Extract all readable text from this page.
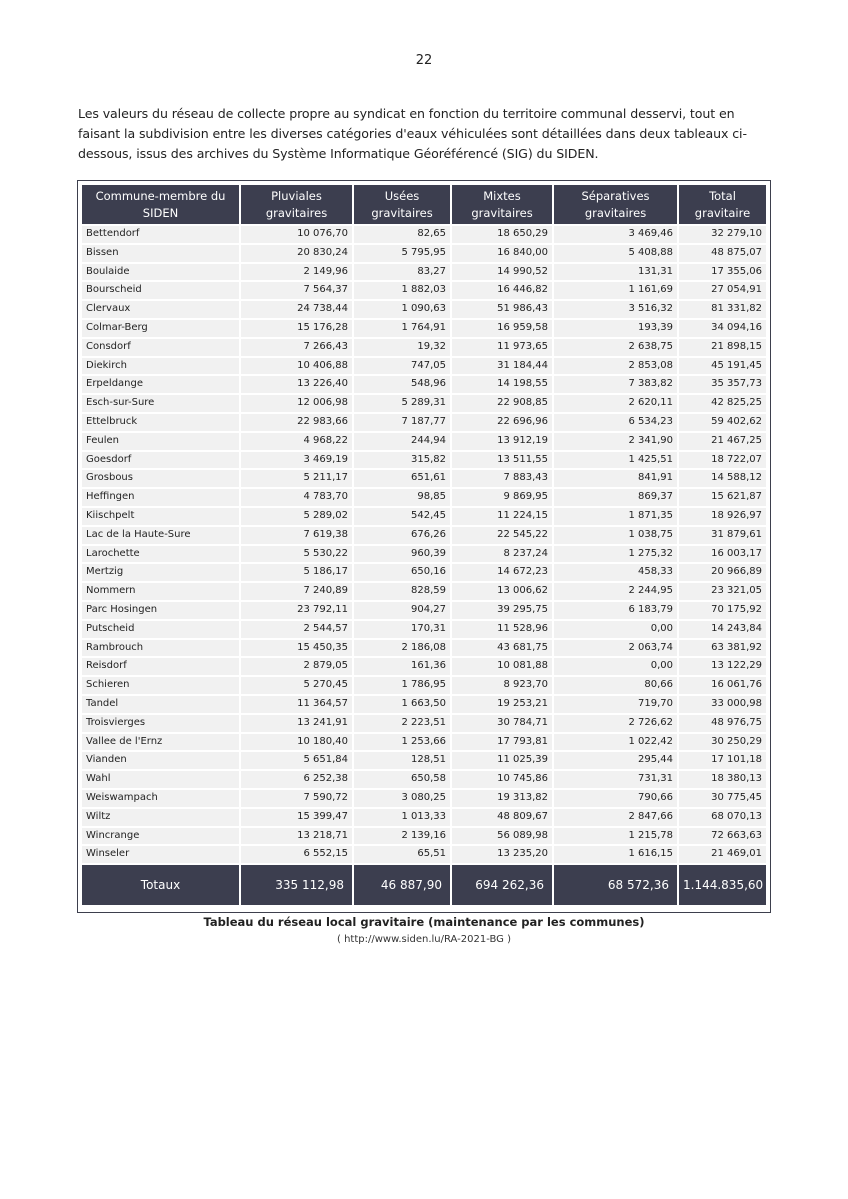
22

Les valeurs du réseau de collecte propre au syndicat en fonction du territoire communal desservi, tout en faisant la subdivision entre les diverses catégories d'eaux véhiculées sont détaillées dans deux tableaux ci-dessous, issus des archives du Système Informatique Géoréférencé (SIG) du SIDEN.

Commune-membre du SIDEN	Pluviales gravitaires	Usées gravitaires	Mixtes gravitaires	Séparatives gravitaires	Total gravitaire
Bettendorf	10 076,70	82,65	18 650,29	3 469,46	32 279,10
Bissen	20 830,24	5 795,95	16 840,00	5 408,88	48 875,07
Boulaide	2 149,96	83,27	14 990,52	131,31	17 355,06
Bourscheid	7 564,37	1 882,03	16 446,82	1 161,69	27 054,91
Clervaux	24 738,44	1 090,63	51 986,43	3 516,32	81 331,82
Colmar-Berg	15 176,28	1 764,91	16 959,58	193,39	34 094,16
Consdorf	7 266,43	19,32	11 973,65	2 638,75	21 898,15
Diekirch	10 406,88	747,05	31 184,44	2 853,08	45 191,45
Erpeldange	13 226,40	548,96	14 198,55	7 383,82	35 357,73
Esch-sur-Sure	12 006,98	5 289,31	22 908,85	2 620,11	42 825,25
Ettelbruck	22 983,66	7 187,77	22 696,96	6 534,23	59 402,62
Feulen	4 968,22	244,94	13 912,19	2 341,90	21 467,25
Goesdorf	3 469,19	315,82	13 511,55	1 425,51	18 722,07
Grosbous	5 211,17	651,61	7 883,43	841,91	14 588,12
Heffingen	4 783,70	98,85	9 869,95	869,37	15 621,87
Kiischpelt	5 289,02	542,45	11 224,15	1 871,35	18 926,97
Lac de la Haute-Sure	7 619,38	676,26	22 545,22	1 038,75	31 879,61
Larochette	5 530,22	960,39	8 237,24	1 275,32	16 003,17
Mertzig	5 186,17	650,16	14 672,23	458,33	20 966,89
Nommern	7 240,89	828,59	13 006,62	2 244,95	23 321,05
Parc Hosingen	23 792,11	904,27	39 295,75	6 183,79	70 175,92
Putscheid	2 544,57	170,31	11 528,96	0,00	14 243,84
Rambrouch	15 450,35	2 186,08	43 681,75	2 063,74	63 381,92
Reisdorf	2 879,05	161,36	10 081,88	0,00	13 122,29
Schieren	5 270,45	1 786,95	8 923,70	80,66	16 061,76
Tandel	11 364,57	1 663,50	19 253,21	719,70	33 000,98
Troisvierges	13 241,91	2 223,51	30 784,71	2 726,62	48 976,75
Vallee de l'Ernz	10 180,40	1 253,66	17 793,81	1 022,42	30 250,29
Vianden	5 651,84	128,51	11 025,39	295,44	17 101,18
Wahl	6 252,38	650,58	10 745,86	731,31	18 380,13
Weiswampach	7 590,72	3 080,25	19 313,82	790,66	30 775,45
Wiltz	15 399,47	1 013,33	48 809,67	2 847,66	68 070,13
Wincrange	13 218,71	2 139,16	56 089,98	1 215,78	72 663,63
Winseler	6 552,15	65,51	13 235,20	1 616,15	21 469,01
Totaux	335 112,98	46 887,90	694 262,36	68 572,36	1.144.835,60
Tableau du réseau local gravitaire (maintenance par les communes)
( http://www.siden.lu/RA-2021-BG )
